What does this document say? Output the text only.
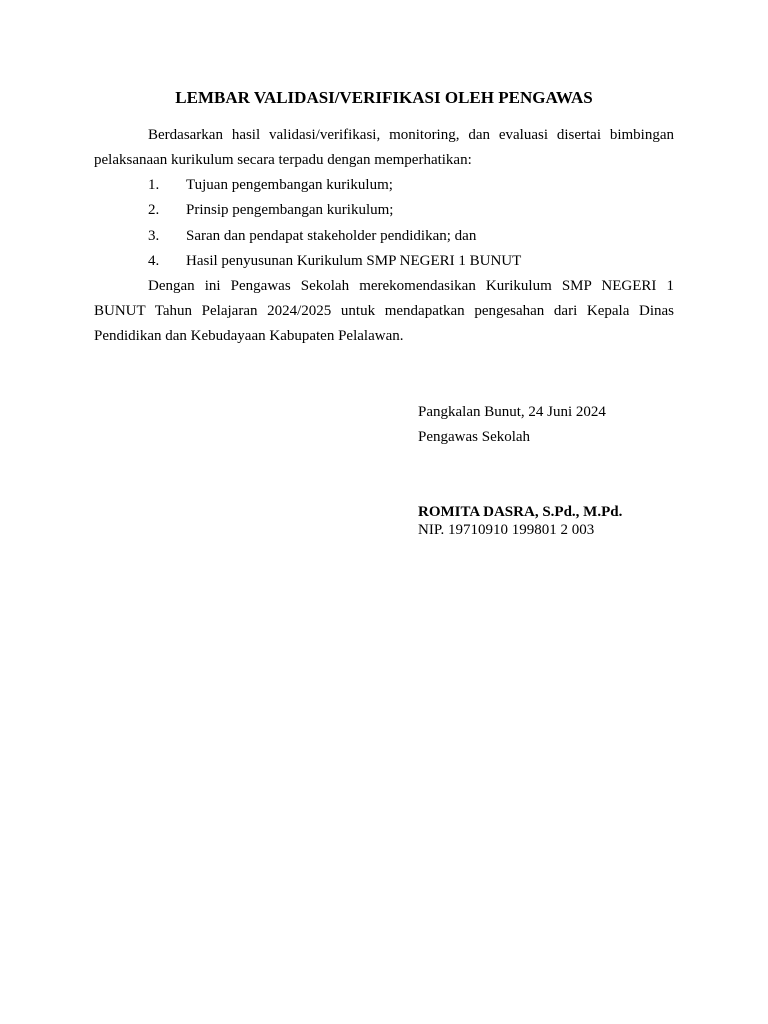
LEMBAR VALIDASI/VERIFIKASI OLEH PENGAWAS

Berdasarkan hasil validasi/verifikasi, monitoring, dan evaluasi disertai bimbingan pelaksanaan kurikulum secara terpadu dengan memperhatikan:

1. Tujuan pengembangan kurikulum;
2. Prinsip pengembangan kurikulum;
3. Saran dan pendapat stakeholder pendidikan; dan
4. Hasil penyusunan Kurikulum SMP NEGERI 1 BUNUT

Dengan ini Pengawas Sekolah merekomendasikan Kurikulum SMP NEGERI 1 BUNUT Tahun Pelajaran 2024/2025 untuk mendapatkan pengesahan dari Kepala Dinas Pendidikan dan Kebudayaan Kabupaten Pelalawan.

Pangkalan Bunut, 24 Juni 2024
Pengawas Sekolah
ROMITA DASRA, S.Pd., M.Pd.
NIP. 19710910 199801 2 003
